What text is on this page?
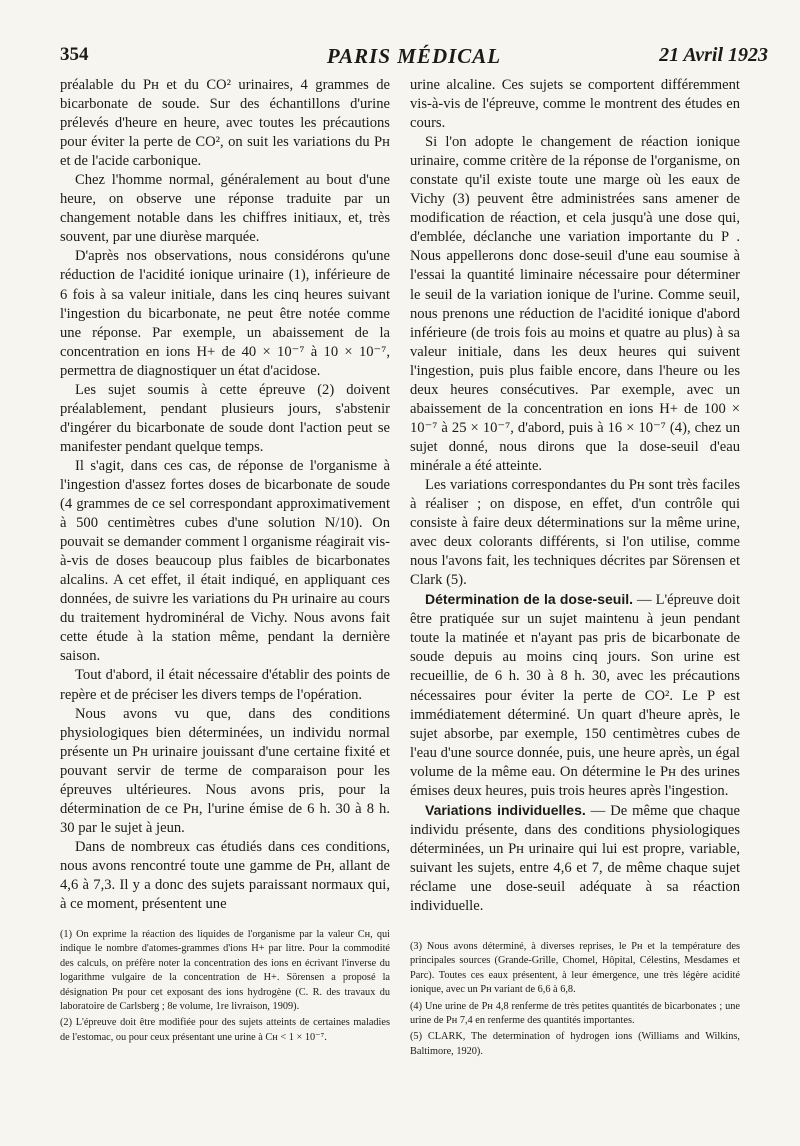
354	PARIS MÉDICAL	21 Avril 1923

préalable du Pн et du CO² urinaires, 4 grammes de bicarbonate de soude. Sur des échantillons d'urine prélevés d'heure en heure, avec toutes les précautions pour éviter la perte de CO², on suit les variations du Pн et de l'acide carbonique.

Chez l'homme normal, généralement au bout d'une heure, on observe une réponse traduite par un changement notable dans les chiffres initiaux, et, très souvent, par une diurèse marquée.

D'après nos observations, nous considérons qu'une réduction de l'acidité ionique urinaire (1), inférieure de 6 fois à sa valeur initiale, dans les cinq heures suivant l'ingestion du bicarbonate, ne peut être notée comme une réponse. Par exemple, un abaissement de la concentration en ions H+ de 40 × 10⁻⁷ à 10 × 10⁻⁷, permettra de diagnostiquer un état d'acidose.

Les sujet soumis à cette épreuve (2) doivent préalablement, pendant plusieurs jours, s'abstenir d'ingérer du bicarbonate de soude dont l'action peut se manifester pendant quelque temps.

Il s'agit, dans ces cas, de réponse de l'organisme à l'ingestion d'assez fortes doses de bicarbonate de soude (4 grammes de ce sel correspondant approximativement à 500 centimètres cubes d'une solution N/10). On pouvait se demander comment l organisme réagirait vis-à-vis de doses beaucoup plus faibles de bicarbonates alcalins. A cet effet, il était indiqué, en appliquant ces données, de suivre les variations du Pн urinaire au cours du traitement hydrominéral de Vichy. Nous avons fait cette étude à la station même, pendant la dernière saison.

Tout d'abord, il était nécessaire d'établir des points de repère et de préciser les divers temps de l'opération.

Nous avons vu que, dans des conditions physiologiques bien déterminées, un individu normal présente un Pн urinaire jouissant d'une certaine fixité et pouvant servir de terme de comparaison pour les épreuves ultérieures. Nous avons pris, pour la détermination de ce Pн, l'urine émise de 6 h. 30 à 8 h. 30 par le sujet à jeun.

Dans de nombreux cas étudiés dans ces conditions, nous avons rencontré toute une gamme de Pн, allant de 4,6 à 7,3. Il y a donc des sujets paraissant normaux qui, à ce moment, présentent une

urine alcaline. Ces sujets se comportent différemment vis-à-vis de l'épreuve, comme le montrent des études en cours.

Si l'on adopte le changement de réaction ionique urinaire, comme critère de la réponse de l'organisme, on constate qu'il existe toute une marge où les eaux de Vichy (3) peuvent être administrées sans amener de modification de réaction, et cela jusqu'à une dose qui, d'emblée, déclanche une variation importante du P . Nous appellerons donc dose-seuil d'une eau soumise à l'essai la quantité liminaire nécessaire pour déterminer le seuil de la variation ionique de l'urine. Comme seuil, nous prenons une réduction de l'acidité ionique d'abord inférieure (de trois fois au moins et quatre au plus) à sa valeur initiale, dans les deux heures qui suivent l'ingestion, puis plus faible encore, dans l'heure ou les deux heures consécutives. Par exemple, avec un abaissement de la concentration en ions H+ de 100 × 10⁻⁷ à 25 × 10⁻⁷, d'abord, puis à 16 × 10⁻⁷ (4), chez un sujet donné, nous dirons que la dose-seuil d'eau minérale a été atteinte.

Les variations correspondantes du Pн sont très faciles à réaliser ; on dispose, en effet, d'un contrôle qui consiste à faire deux déterminations sur la même urine, avec deux colorants différents, si l'on utilise, comme nous l'avons fait, les techniques décrites par Sörensen et Clark (5).

Détermination de la dose-seuil. — L'épreuve doit être pratiquée sur un sujet maintenu à jeun pendant toute la matinée et n'ayant pas pris de bicarbonate de soude depuis au moins cinq jours. Son urine est recueillie, de 6 h. 30 à 8 h. 30, avec les précautions nécessaires pour éviter la perte de CO². Le P est immédiatement déterminé. Un quart d'heure après, le sujet absorbe, par exemple, 150 centimètres cubes de l'eau d'une source donnée, puis, une heure après, un égal volume de la même eau. On détermine le Pн des urines émises deux heures, puis trois heures après l'ingestion.

Variations individuelles. — De même que chaque individu présente, dans des conditions physiologiques déterminées, un Pн urinaire qui lui est propre, variable, suivant les sujets, entre 4,6 et 7, de même chaque sujet réclame une dose-seuil adéquate à sa réaction individuelle.

(1) On exprime la réaction des liquides de l'organisme par la valeur Cн, qui indique le nombre d'atomes-grammes d'ions H+ par litre. Pour la commodité des calculs, on préfère noter la concentration des ions en écrivant l'inverse du logarithme vulgaire de la concentration de H+. Sörensen a proposé la désignation Pн pour cet exposant des ions hydrogène (C. R. des travaux du laboratoire de Carlsberg ; 8e volume, 1re livraison, 1909).

(2) L'épreuve doit être modifiée pour des sujets atteints de certaines maladies de l'estomac, ou pour ceux présentant une urine à Cн < 1 × 10⁻⁷.

(3) Nous avons déterminé, à diverses reprises, le Pн et la température des principales sources (Grande-Grille, Chomel, Hôpital, Célestins, Mesdames et Parc). Toutes ces eaux présentent, à leur émergence, une très légère acidité ionique, avec un Pн variant de 6,6 à 6,8.

(4) Une urine de Pн 4,8 renferme de très petites quantités de bicarbonates ; une urine de Pн 7,4 en renferme des quantités importantes.

(5) CLARK, The determination of hydrogen ions (Williams and Wilkins, Baltimore, 1920).
